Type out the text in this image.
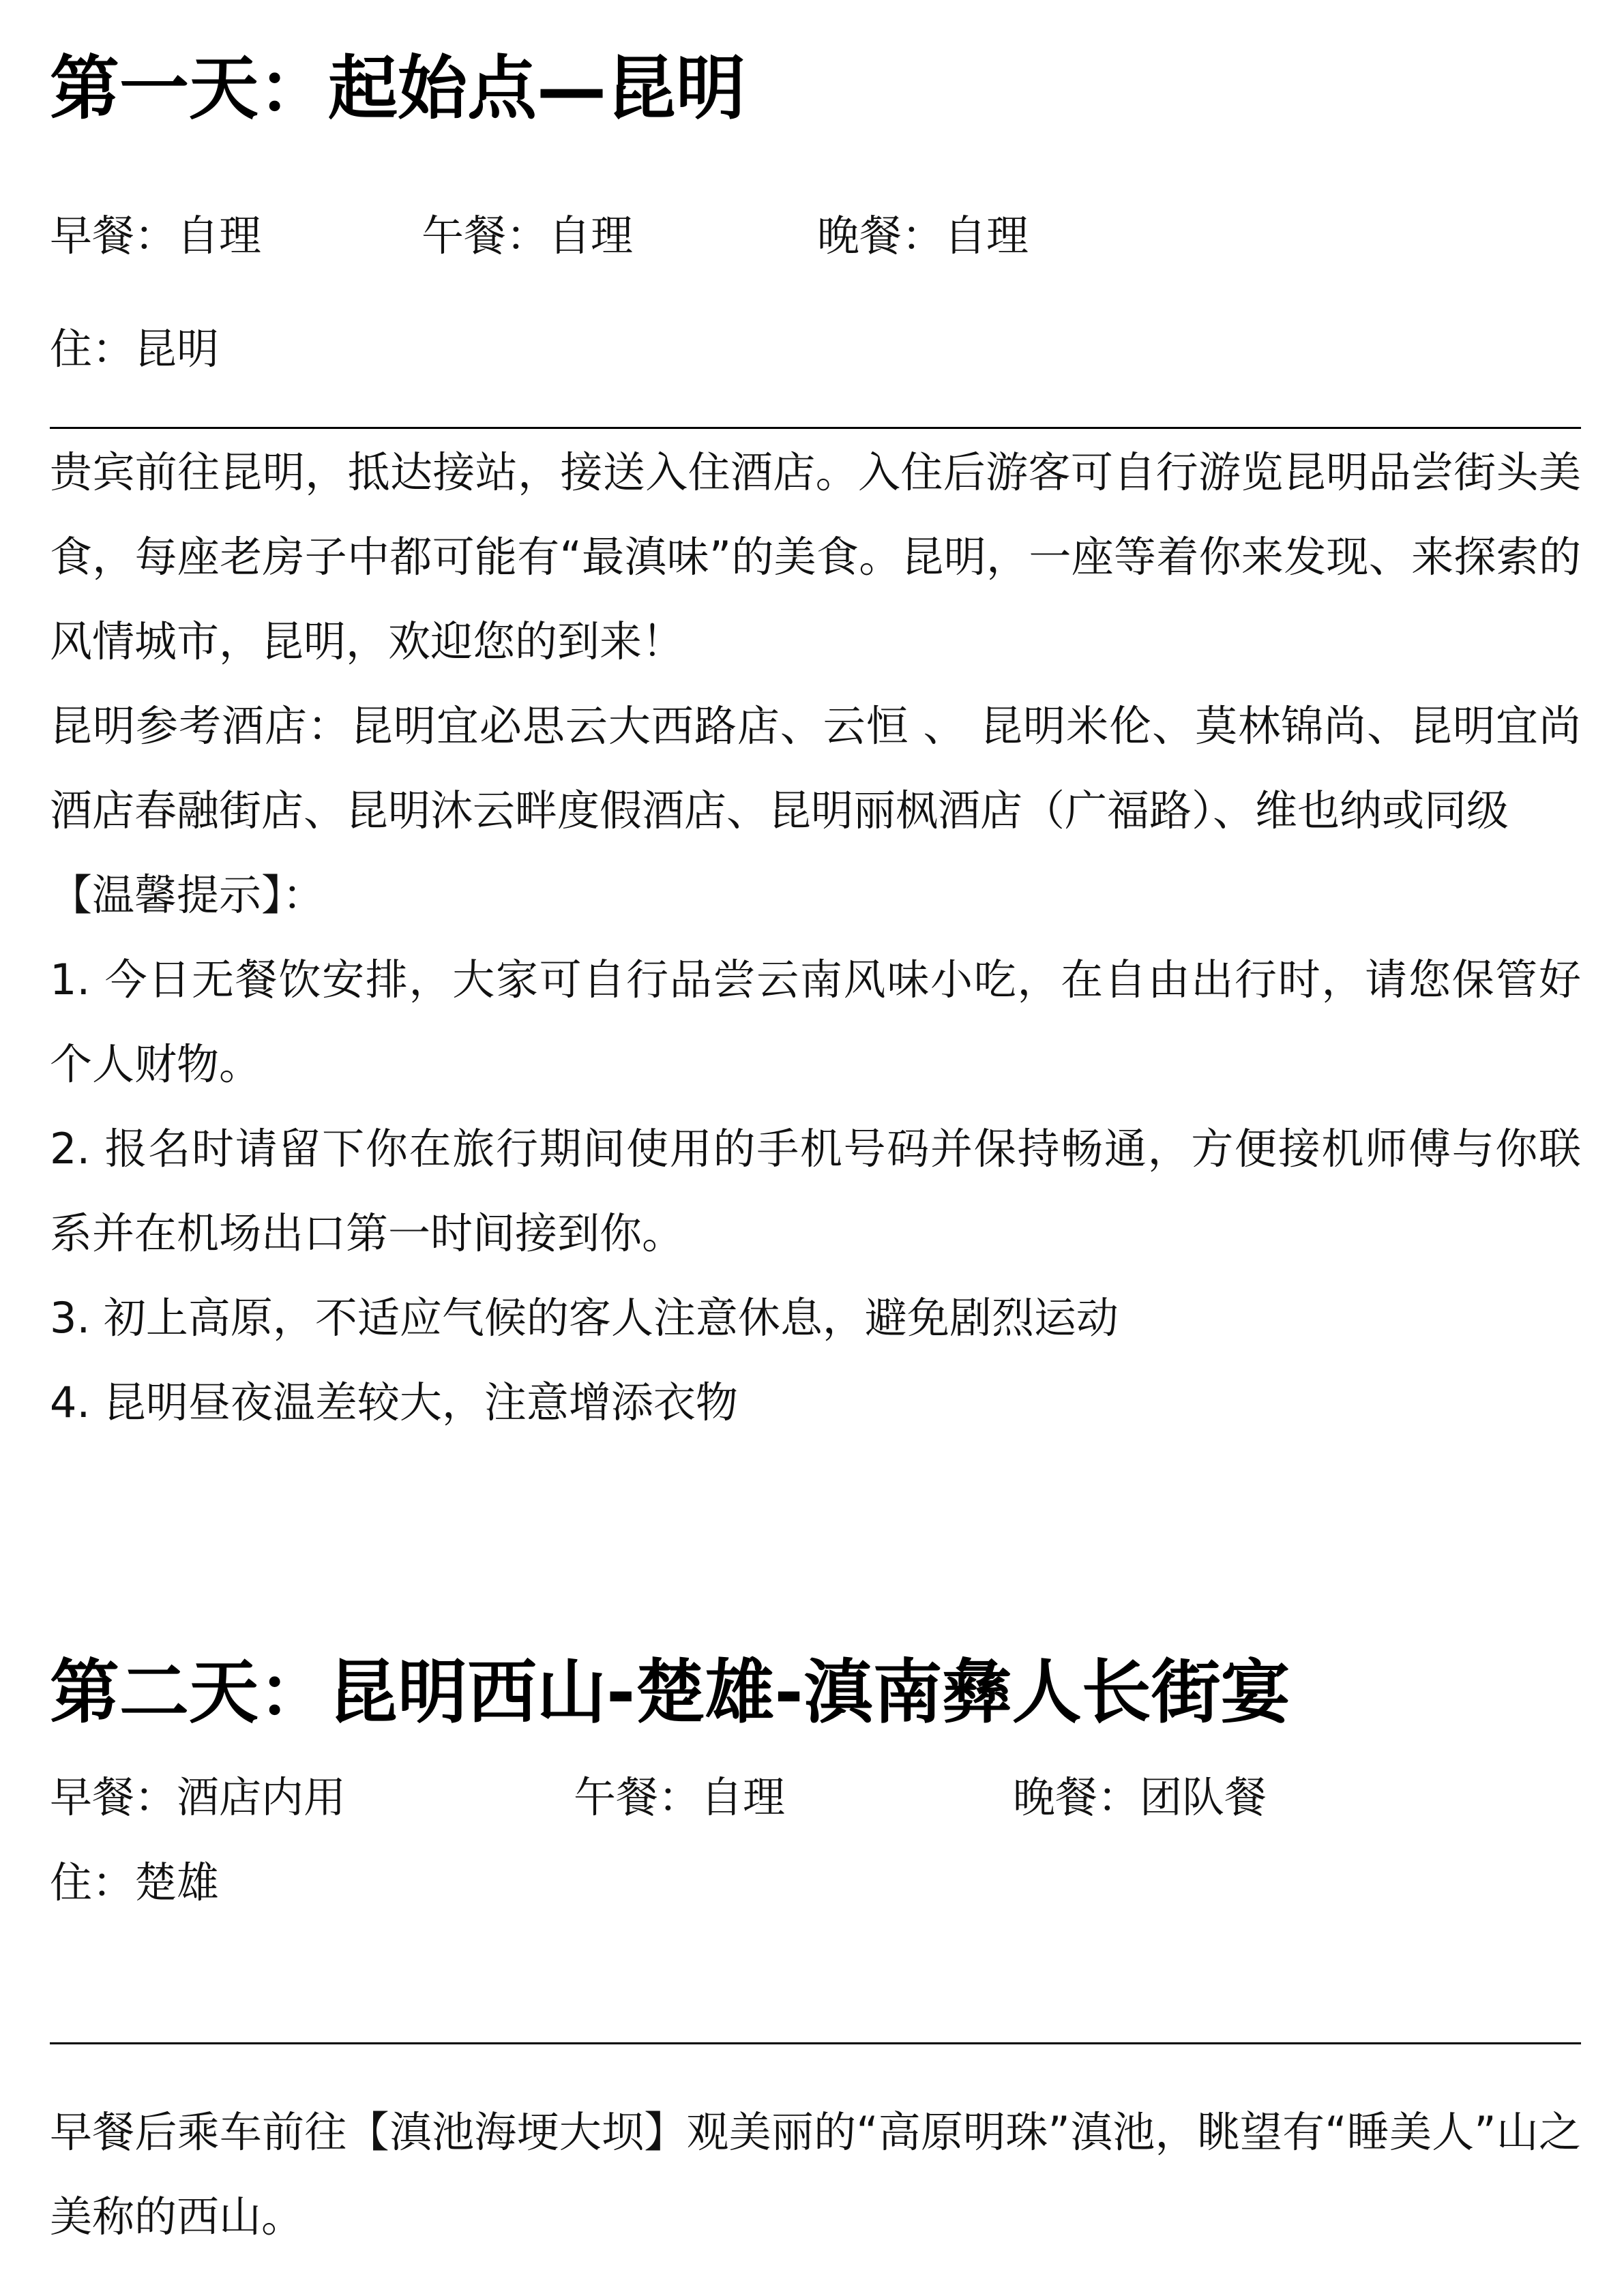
第一天：起始点—昆明
早餐：自理	午餐：自理	晚餐：自理
住：昆明

贵宾前往昆明，抵达接站，接送入住酒店。入住后游客可自行游览昆明品尝街头美食，每座老房子中都可能有“最滇味”的美食。昆明，一座等着你来发现、来探索的风情城市，昆明，欢迎您的到来！

昆明参考酒店：昆明宜必思云大西路店、云恒 、 昆明米伦、莫林锦尚、昆明宜尚酒店春融街店、昆明沐云畔度假酒店、昆明丽枫酒店（广福路）、维也纳或同级

【温馨提示】：

1. 今日无餐饮安排，大家可自行品尝云南风味小吃，在自由出行时，请您保管好个人财物。

2. 报名时请留下你在旅行期间使用的手机号码并保持畅通，方便接机师傅与你联系并在机场出口第一时间接到你。

3. 初上高原，不适应气候的客人注意休息，避免剧烈运动

4. 昆明昼夜温差较大，注意增添衣物

第二天：昆明西山-楚雄-滇南彝人长街宴
早餐：酒店内用	午餐：自理	晚餐：团队餐
住：楚雄

早餐后乘车前往【滇池海埂大坝】观美丽的“高原明珠”滇池，眺望有“睡美人”山之美称的西山。
